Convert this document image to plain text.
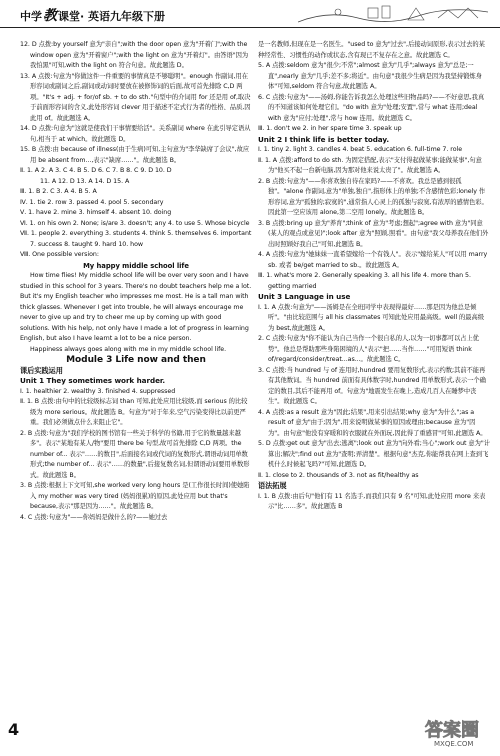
中学教课堂· 英语九年级下册

12. D 点拨:by yourself 意为"亲自";with the door open 意为"开着门";with the window open 意为"开着窗户";with the light on 意为"开着灯"。由答语"因为我怕黑"可知,with the light on 符合句意。故此题选 D。

13. A 点拨:句意为"你做这件一件重要的事情真是不够聪明"。enough 作副词,用在形容词或副词之后,副词或动词时要放在被修饰词的后面,故可首先排除 C,D 两项。"It's + adj. + for/of sb. + to do sth."句型中的介词用 for 还是用 of,取决于前面形容词的含义,此处形容词 clever 用于描述不定式行为者的性格、品质,因此用 of。故此题选 A。

14. D 点拨:句意为"这就是使我们干事情要给活"。关系副词 where 在此引导定语从句,相当于 at which。故此题选 D。

15. B 点拨:由 because of illness(由于生病)可知,主句意为"李华缺席了会议",故应用 be absent from...,表示"缺席……"。故此题选 B。

Ⅱ. 1. A 2. A 3. C 4. B 5. D 6. C 7. B 8. C 9. D 10. D

11. A 12. D 13. A 14. D 15. A

Ⅲ. 1. B 2. C 3. A 4. B 5. A

Ⅳ. 1. tie 2. row 3. passed 4. pool 5. secondary

Ⅴ. 1. have 2. mine 3. himself 4. absent 10. doing

Ⅵ. 1. on his own 2. None; is/are 3. doesn't; any 4. to use 5. Whose bicycle

Ⅶ. 1. people 2. everything 3. students 4. think 5. themselves 6. important 7. success 8. taught 9. hard 10. how

Ⅷ. One possible version:

My happy middle school life

How time flies! My middle school life will be over very soon and I have studied in this school for 3 years. There's no doubt teachers help me a lot. But it's my English teacher who impresses me most. He is a tall man with thick glasses. Whenever I get into trouble, he will always encourage me never to give up and try to cheer me up by coming up with good solutions. With his help, not only have I made a lot of progress in learning English, but also I have learnt a lot to be a nice person.

Happiness always goes along with me in my middle school life.

Module 3 Life now and then

课后实践运用

Unit 1 They sometimes work harder.

Ⅰ. 1. healthier 2. wealthy 3. finished 4. suppressed

Ⅱ. 1. B 点拨:由句中的比较级标志词 than 可知,此处应用比较级,而 serious 的比较级为 more serious。故此题选 B。句意为"对于年来,空气污染变得比以前更严重。我们必须做点什么来阻止它"。

2. B 点拨:句意为"我们学校的图书馆有一些关于科学的书籍,用于它的数量越来越多"。表示"某地有某人/物"要用 there be 句型,故可首先排除 C,D 两项。the number of... 表示"……的数目",后面接名词或代词的复数形式,谓语动词用单数形式;the number of... 表示"……的数量",后接复数名词,但谓语动词要用单数形式。故此题选 B。

3. B 点拨:根据上下文可知,she worked very long hours 是(工作很长时间)使她陷入 my mother was very tired (妈妈很累)的原因,此处应用 but that's because,表示"那是因为……"。故此题选 B。

4. C 点拨:句意为"——你妈妈是做什么的?——她过去

是一名教师,但现在是一名医生。"used to 意为"过去",后接动词原形,表示过去的某种经常性、习惯性的动作或状态,含有现已不复存在之意。故此题选 C。

5. A 点拨:seldom 意为"很少;不常";almost 意为"几乎";always 意为"总是;一直",nearly 意为"几乎;差不多;将近"。由句意"我很少生病是因为我坚持锻炼身体"可知,seldom 符合句意,故此题选 A。

6. C 点拨:句意为"——汤姆,你能告诉我怎么处理这些旧物品吗?——不好意思,我真的不知道该如何处理它们。"do with 意为"处理;安置",常与 what 连用;deal with 意为"应付;处理",常与 how 连用。故此题选 C。

Ⅲ. 1. don't we 2. in her spare time 3. speak up

Unit 2 I think life is better today.

Ⅰ. 1. tiny 2. light 3. candles 4. beat 5. education 6. full-time 7. role

Ⅱ. 1. A 点拨:afford to do sth. 为固定搭配,表示"支付得起做某事;能做某事",句意为"他买不起一台新电脑,因为那对他来说太贵了"。故此题选 A。

2. B 点拨:句意为"——你喜欢独自待在家吗?——不喜欢。我总是感到很孤独"。"alone 作副词,意为"单独,独自",指形体上的单独;不含感情色彩;lonely 作形容词,意为"孤独的;寂寞的",通常指人心灵上的孤独与寂寞,有浓厚的感情色彩。因此第一空应该用 alone,第二空用 lonely。故此题选 B。

3. B 点拨:bring up 意为"养育";think of 意为"考虑;想起";agree with 意为"同意(某人的观点或意见)";look after 意为"照顾,照看"。由句意"我父母养我在他们外出时照顾好我自己"可知,此题选 B。

4. A 点拨:句意为"她妹妹一直希望嫁给一个有钱人"。表示"嫁给某人"可以用 marry sb. 或者 be/get married to sb.。故此题选 A。

Ⅲ. 1. what's more 2. Generally speaking 3. all his life 4. more than 5. getting married

Unit 3 Language in use

Ⅰ. 1. A 点拨:句意为"——汤姆是在全班同学中表现得最好……那是因为他总是倾听"。"由比较范围与 all his classmates 可知此处应用最高级。well 的最高级为 best,故此题选 A。

2. C 点拨:句意为"你不能认为自己当作一个很自私的人,以为一切事都可以占上优势"。他总是帮助那些身陷困境的人"表示"把……当作……"可用短语 think of/regard/consider/treat...as...。故此题选 C。

3. C 点拨:当 hundred 与 of 连用时,hundred 要用复数形式,表示约数;其前不能再有其他数词。当 hundred 前面有具体数字时,hundred 用单数形式,表示一个确定的数目,其后不能再用 of。句意为"地震发生在晚上,造成几百人在睡梦中丧生"。故此题选 C。

4. A 点拨:as a result 意为"因此;结果",用来引出结果;why 意为"为什么";as a result of 意为"由于;因为",用来说明做某事的原因或理由;because 意为"因为"。由句意"他没有穿暖和的衣服就在外面玩,因此得了重感冒"可知,此题选 A。

5. D 点拨:get out 意为"出去;逃离";look out 意为"向外看;当心";work out 意为"计算出;解决";find out 意为"查明;弄清楚"。根据句意"杰克,你能帮我在网上查到飞机什么时候起飞吗?"可知,此题选 D。

Ⅱ. 1. close to 2. thousands of 3. not as fit/healthy as

语法拓展

Ⅰ. 1. B 点拨:由后句"他们有 11 名选手,而我们只有 9 名"可知,此处应用 more 来表示"比……多"。故此题选 B

4	答案圈
MXQE.COM
